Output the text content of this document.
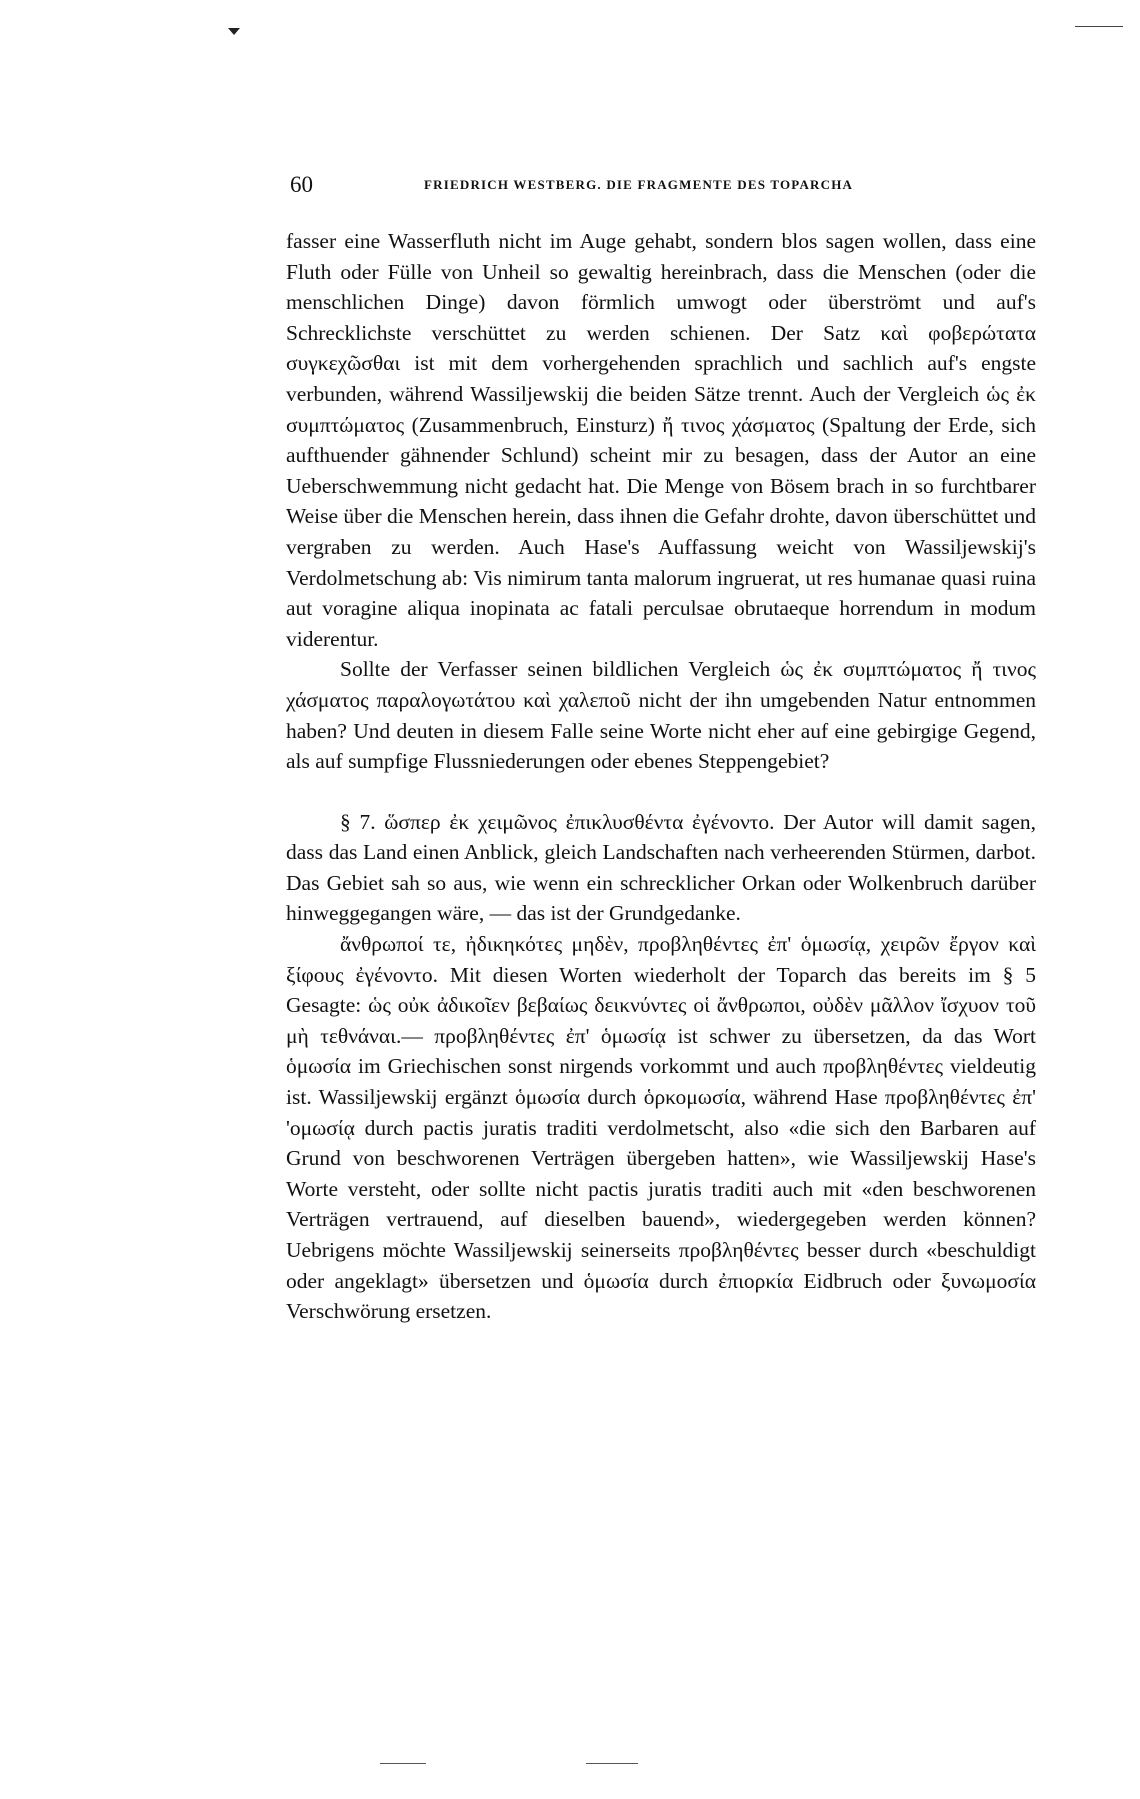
60	FRIEDRICH WESTBERG. DIE FRAGMENTE DES TOPARCHA

fasser eine Wasserfluth nicht im Auge gehabt, sondern blos sagen wollen, dass eine Fluth oder Fülle von Unheil so gewaltig hereinbrach, dass die Menschen (oder die menschlichen Dinge) davon förmlich umwogt oder überströmt und auf's Schrecklichste verschüttet zu werden schienen. Der Satz καὶ φοβερώτατα συγκεχῶσθαι ist mit dem vorhergehenden sprachlich und sachlich auf's engste verbunden, während Wassiljewskij die beiden Sätze trennt. Auch der Vergleich ὡς ἐκ συμπτώματος (Zusammenbruch, Einsturz) ἤ τινος χάσματος (Spaltung der Erde, sich aufthuender gähnender Schlund) scheint mir zu besagen, dass der Autor an eine Ueberschwemmung nicht gedacht hat. Die Menge von Bösem brach in so furchtbarer Weise über die Menschen herein, dass ihnen die Gefahr drohte, davon überschüttet und vergraben zu werden. Auch Hase's Auffassung weicht von Wassiljewskij's Verdolmetschung ab: Vis nimirum tanta malorum ingruerat, ut res humanae quasi ruina aut voragine aliqua inopinata ac fatali perculsae obrutaeque horrendum in modum viderentur.

Sollte der Verfasser seinen bildlichen Vergleich ὡς ἐκ συμπτώματος ἤ τινος χάσματος παραλογωτάτου καὶ χαλεποῦ nicht der ihn umgebenden Natur entnommen haben? Und deuten in diesem Falle seine Worte nicht eher auf eine gebirgige Gegend, als auf sumpfige Flussniederungen oder ebenes Steppengebiet?

§ 7. ὥσπερ ἐκ χειμῶνος ἐπικλυσθέντα ἐγένοντο. Der Autor will damit sagen, dass das Land einen Anblick, gleich Landschaften nach verheerenden Stürmen, darbot. Das Gebiet sah so aus, wie wenn ein schrecklicher Orkan oder Wolkenbruch darüber hinweggegangen wäre, — das ist der Grundgedanke.

ἄνθρωποί τε, ἠδικηκότες μηδὲν, προβληθέντες ἐπ' ὁμωσίᾳ, χειρῶν ἔργον καὶ ξίφους ἐγένοντο. Mit diesen Worten wiederholt der Toparch das bereits im § 5 Gesagte: ὡς οὐκ ἀδικοῖεν βεβαίως δεικνύντες οἱ ἄνθρωποι, οὐδὲν μᾶλλον ἴσχυον τοῦ μὴ τεθνάναι.— προβληθέντες ἐπ' ὁμωσίᾳ ist schwer zu übersetzen, da das Wort ὁμωσία im Griechischen sonst nirgends vorkommt und auch προβληθέντες vieldeutig ist. Wassiljewskij ergänzt ὁμωσία durch ὁρκομωσία, während Hase προβληθέντες ἐπ' 'ομωσίᾳ durch pactis juratis traditi verdolmetscht, also «die sich den Barbaren auf Grund von beschworenen Verträgen übergeben hatten», wie Wassiljewskij Hase's Worte versteht, oder sollte nicht pactis juratis traditi auch mit «den beschworenen Verträgen vertrauend, auf dieselben bauend», wiedergegeben werden können? Uebrigens möchte Wassiljewskij seinerseits προβληθέντες besser durch «beschuldigt oder angeklagt» übersetzen und ὁμωσία durch ἐπιορκία Eidbruch oder ξυνωμοσία Verschwörung ersetzen.
